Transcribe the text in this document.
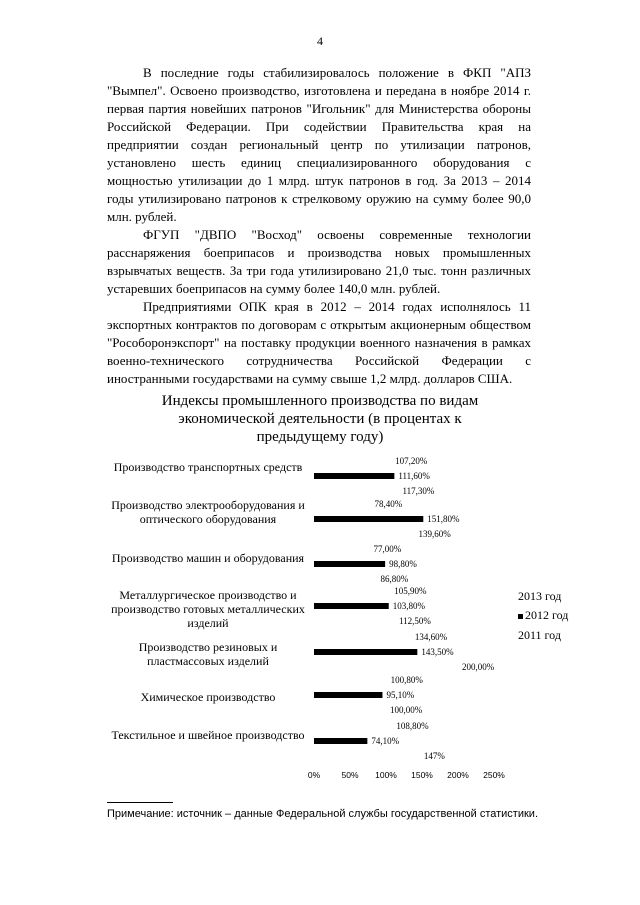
4

В последние годы стабилизировалось положение в ФКП "АПЗ "Вымпел". Освоено производство, изготовлена и передана в ноябре 2014 г. первая партия новейших патронов "Игольник" для Министерства обороны Российской Федерации. При содействии Правительства края на предприятии создан региональный центр по утилизации патронов, установлено шесть единиц специализированного оборудования с мощностью утилизации до 1 млрд. штук патронов в год. За 2013 – 2014 годы утилизировано патронов к стрелковому оружию на сумму более 90,0 млн. рублей.

ФГУП "ДВПО "Восход" освоены современные технологии расснаряжения боеприпасов и производства новых промышленных взрывчатых веществ. За три года утилизировано 21,0 тыс. тонн различных устаревших боеприпасов на сумму более 140,0 млн. рублей.

Предприятиями ОПК края в 2012 – 2014 годах исполнялось 11 экспортных контрактов по договорам с открытым акционерным обществом "Рособоронэкспорт" на поставку продукции военного назначения в рамках военно-технического сотрудничества Российской Федерации с иностранными государствами на сумму свыше 1,2 млрд. долларов США.

Индексы промышленного производства по видам экономической деятельности (в процентах к предыдущему году)
Производство транспортных средств
Производство электрооборудования и оптического оборудования
Производство машин и оборудования
Металлургическое производство и производство готовых металлических изделий
Производство резиновых и пластмассовых изделий
Химическое производство
Текстильное и швейное производство
107,20%
111,60%
117,30%
78,40%
151,80%
139,60%
77,00%
98,80%
86,80%
105,90%
103,80%
112,50%
134,60%
143,50%
200,00%
100,80%
95,10%
100,00%
108,80%
74,10%
147%
0%	50% 100% 150% 200% 250%
2013 год
2012 год
2011 год
Примечание: источник – данные Федеральной службы государственной статистики.
